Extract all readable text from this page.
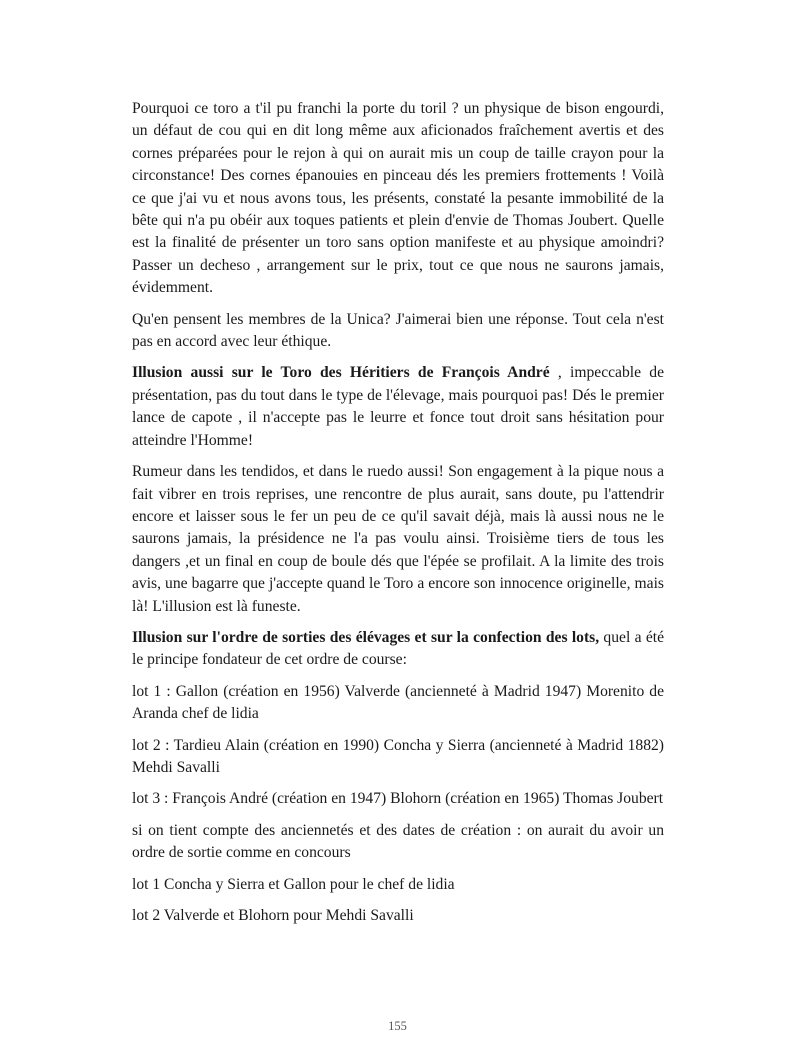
Pourquoi ce toro a t'il pu franchi la porte du toril ? un physique de bison engourdi, un défaut de cou qui en dit long même aux aficionados fraîchement avertis et des cornes préparées pour le rejon à qui on aurait mis un coup de taille crayon pour la circonstance! Des cornes épanouies en pinceau dés les premiers frottements ! Voilà ce que j'ai vu et nous avons tous, les présents, constaté la pesante immobilité de la bête qui n'a pu obéir aux toques patients et plein d'envie de Thomas Joubert. Quelle est la finalité de présenter un toro sans option manifeste et au physique amoindri? Passer un decheso , arrangement sur le prix, tout ce que nous ne saurons jamais, évidemment.

Qu'en pensent les membres de la Unica? J'aimerai bien une réponse. Tout cela n'est pas en accord avec leur éthique.

Illusion aussi sur le Toro des Héritiers de François André , impeccable de présentation, pas du tout dans le type de l'élevage, mais pourquoi pas! Dés le premier lance de capote , il n'accepte pas le leurre et fonce tout droit sans hésitation pour atteindre l'Homme!

Rumeur dans les tendidos, et dans le ruedo aussi! Son engagement à la pique nous a fait vibrer en trois reprises, une rencontre de plus aurait, sans doute, pu l'attendrir encore et laisser sous le fer un peu de ce qu'il savait déjà, mais là aussi nous ne le saurons jamais, la présidence ne l'a pas voulu ainsi. Troisième tiers de tous les dangers ,et un final en coup de boule dés que l'épée se profilait. A la limite des trois avis, une bagarre que j'accepte quand le Toro a encore son innocence originelle, mais là! L'illusion est là funeste.

Illusion sur l'ordre de sorties des élévages et sur la confection des lots, quel a été le principe fondateur de cet ordre de course:

lot 1 : Gallon (création en 1956) Valverde (ancienneté à Madrid 1947) Morenito de Aranda chef de lidia

lot 2 : Tardieu Alain (création en 1990) Concha y Sierra (ancienneté à Madrid 1882) Mehdi Savalli

lot 3 : François André (création en 1947) Blohorn (création en 1965) Thomas Joubert

si on tient compte des anciennetés et des dates de création : on aurait du avoir un ordre de sortie comme en concours

lot 1 Concha y Sierra et Gallon pour le chef de lidia

lot 2 Valverde et Blohorn pour Mehdi Savalli

155
